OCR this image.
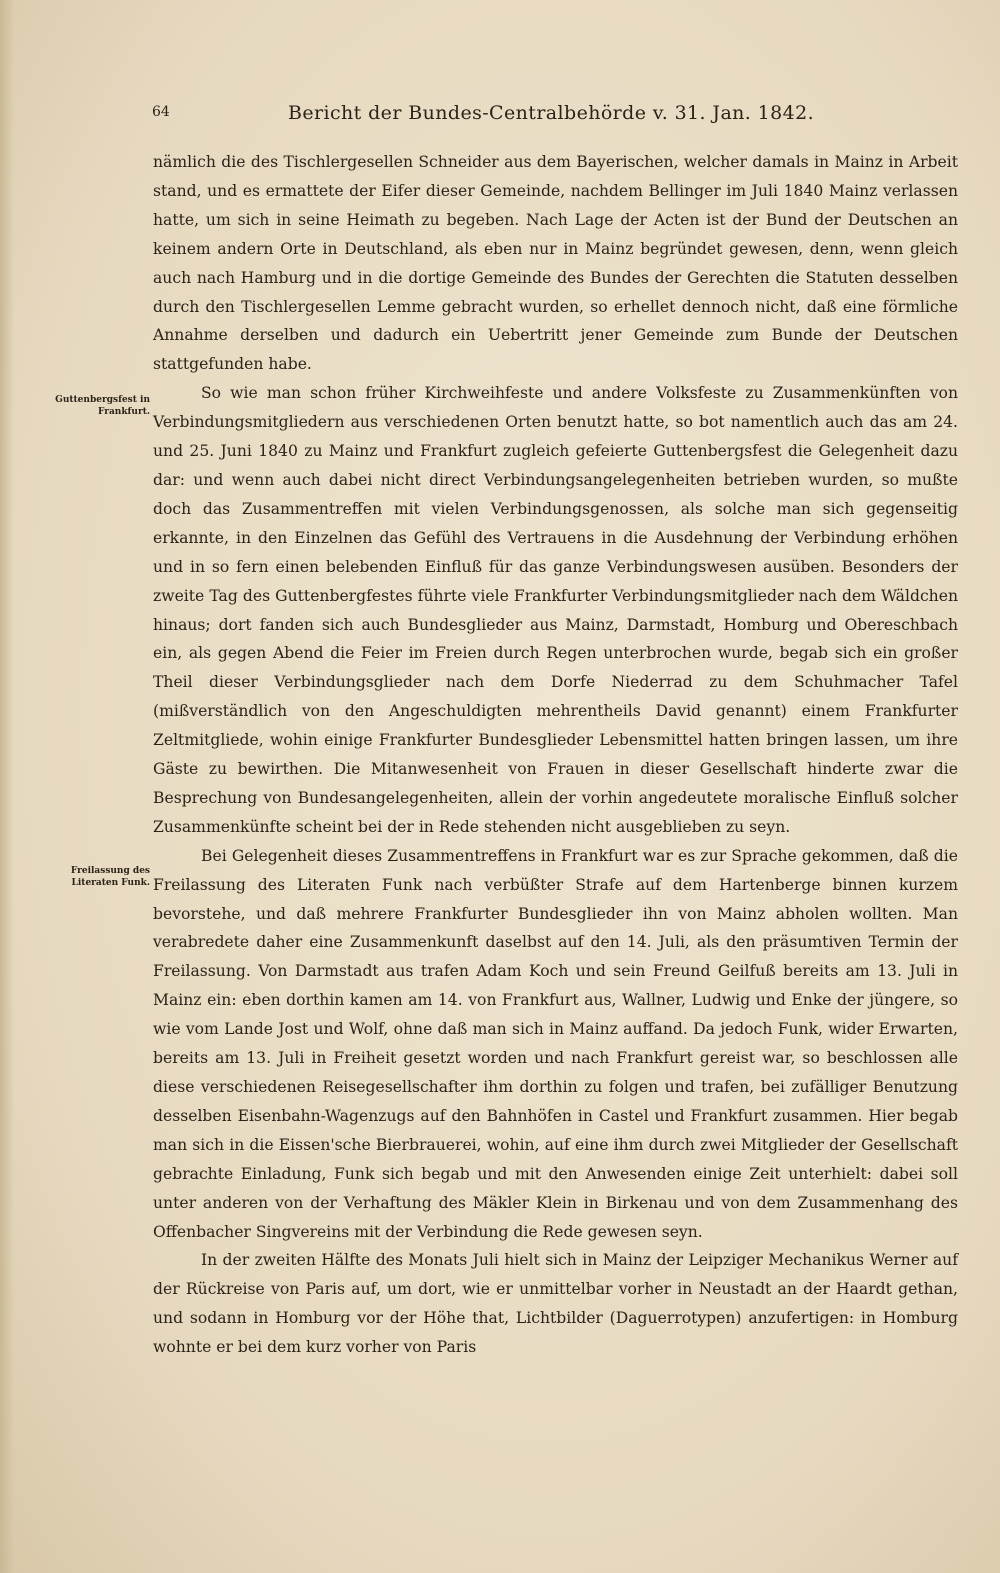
64	Bericht der Bundes-Centralbehörde v. 31. Jan. 1842.
Guttenbergsfest in Frankfurt.
Freilassung des Literaten Funk.

nämlich die des Tischlergesellen Schneider aus dem Bayerischen, welcher damals in Mainz in Arbeit stand, und es ermattete der Eifer dieser Gemeinde, nachdem Bellinger im Juli 1840 Mainz verlassen hatte, um sich in seine Heimath zu begeben. Nach Lage der Acten ist der Bund der Deutschen an keinem andern Orte in Deutschland, als eben nur in Mainz begründet gewesen, denn, wenn gleich auch nach Hamburg und in die dortige Gemeinde des Bundes der Gerechten die Statuten desselben durch den Tischlergesellen Lemme gebracht wurden, so erhellet dennoch nicht, daß eine förmliche Annahme derselben und dadurch ein Uebertritt jener Gemeinde zum Bunde der Deutschen stattgefunden habe.

So wie man schon früher Kirchweihfeste und andere Volksfeste zu Zusammenkünften von Verbindungsmitgliedern aus verschiedenen Orten benutzt hatte, so bot namentlich auch das am 24. und 25. Juni 1840 zu Mainz und Frankfurt zugleich gefeierte Guttenbergsfest die Gelegenheit dazu dar: und wenn auch dabei nicht direct Verbindungsangelegenheiten betrieben wurden, so mußte doch das Zusammentreffen mit vielen Verbindungsgenossen, als solche man sich gegenseitig erkannte, in den Einzelnen das Gefühl des Vertrauens in die Ausdehnung der Verbindung erhöhen und in so fern einen belebenden Einfluß für das ganze Verbindungswesen ausüben. Besonders der zweite Tag des Guttenbergfestes führte viele Frankfurter Verbindungsmitglieder nach dem Wäldchen hinaus; dort fanden sich auch Bundesglieder aus Mainz, Darmstadt, Homburg und Obereschbach ein, als gegen Abend die Feier im Freien durch Regen unterbrochen wurde, begab sich ein großer Theil dieser Verbindungsglieder nach dem Dorfe Niederrad zu dem Schuhmacher Tafel (mißverständlich von den Angeschuldigten mehrentheils David genannt) einem Frankfurter Zeltmitgliede, wohin einige Frankfurter Bundesglieder Lebensmittel hatten bringen lassen, um ihre Gäste zu bewirthen. Die Mitanwesenheit von Frauen in dieser Gesellschaft hinderte zwar die Besprechung von Bundesangelegenheiten, allein der vorhin angedeutete moralische Einfluß solcher Zusammenkünfte scheint bei der in Rede stehenden nicht ausgeblieben zu seyn.

Bei Gelegenheit dieses Zusammentreffens in Frankfurt war es zur Sprache gekommen, daß die Freilassung des Literaten Funk nach verbüßter Strafe auf dem Hartenberge binnen kurzem bevorstehe, und daß mehrere Frankfurter Bundesglieder ihn von Mainz abholen wollten. Man verabredete daher eine Zusammenkunft daselbst auf den 14. Juli, als den präsumtiven Termin der Freilassung. Von Darmstadt aus trafen Adam Koch und sein Freund Geilfuß bereits am 13. Juli in Mainz ein: eben dorthin kamen am 14. von Frankfurt aus, Wallner, Ludwig und Enke der jüngere, so wie vom Lande Jost und Wolf, ohne daß man sich in Mainz auffand. Da jedoch Funk, wider Erwarten, bereits am 13. Juli in Freiheit gesetzt worden und nach Frankfurt gereist war, so beschlossen alle diese verschiedenen Reisegesellschafter ihm dorthin zu folgen und trafen, bei zufälliger Benutzung desselben Eisenbahn-Wagenzugs auf den Bahnhöfen in Castel und Frankfurt zusammen. Hier begab man sich in die Eissen'sche Bierbrauerei, wohin, auf eine ihm durch zwei Mitglieder der Gesellschaft gebrachte Einladung, Funk sich begab und mit den Anwesenden einige Zeit unterhielt: dabei soll unter anderen von der Verhaftung des Mäkler Klein in Birkenau und von dem Zusammenhang des Offenbacher Singvereins mit der Verbindung die Rede gewesen seyn.

In der zweiten Hälfte des Monats Juli hielt sich in Mainz der Leipziger Mechanikus Werner auf der Rückreise von Paris auf, um dort, wie er unmittelbar vorher in Neustadt an der Haardt gethan, und sodann in Homburg vor der Höhe that, Lichtbilder (Daguerrotypen) anzufertigen: in Homburg wohnte er bei dem kurz vorher von Paris
